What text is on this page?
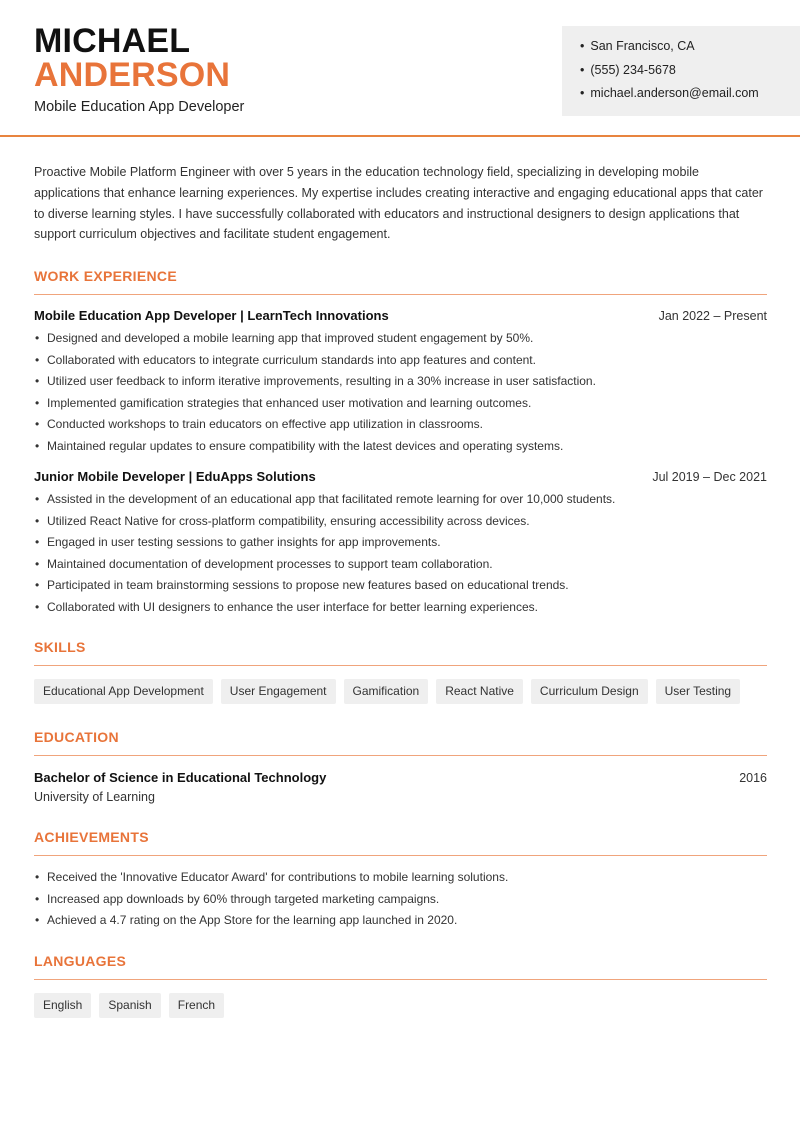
MICHAEL
ANDERSON
Mobile Education App Developer
• San Francisco, CA
• (555) 234-5678
• michael.anderson@email.com

Proactive Mobile Platform Engineer with over 5 years in the education technology field, specializing in developing mobile applications that enhance learning experiences. My expertise includes creating interactive and engaging educational apps that cater to diverse learning styles. I have successfully collaborated with educators and instructional designers to design applications that support curriculum objectives and facilitate student engagement.

WORK EXPERIENCE
Mobile Education App Developer | LearnTech Innovations	Jan 2022 – Present
• Designed and developed a mobile learning app that improved student engagement by 50%.
• Collaborated with educators to integrate curriculum standards into app features and content.
• Utilized user feedback to inform iterative improvements, resulting in a 30% increase in user satisfaction.
• Implemented gamification strategies that enhanced user motivation and learning outcomes.
• Conducted workshops to train educators on effective app utilization in classrooms.
• Maintained regular updates to ensure compatibility with the latest devices and operating systems.
Junior Mobile Developer | EduApps Solutions	Jul 2019 – Dec 2021
• Assisted in the development of an educational app that facilitated remote learning for over 10,000 students.
• Utilized React Native for cross-platform compatibility, ensuring accessibility across devices.
• Engaged in user testing sessions to gather insights for app improvements.
• Maintained documentation of development processes to support team collaboration.
• Participated in team brainstorming sessions to propose new features based on educational trends.
• Collaborated with UI designers to enhance the user interface for better learning experiences.
SKILLS
Educational App Development	User Engagement	Gamification	React Native	Curriculum Design	User Testing
EDUCATION
Bachelor of Science in Educational Technology	2016
University of Learning
ACHIEVEMENTS
• Received the 'Innovative Educator Award' for contributions to mobile learning solutions.
• Increased app downloads by 60% through targeted marketing campaigns.
• Achieved a 4.7 rating on the App Store for the learning app launched in 2020.
LANGUAGES
English	Spanish	French
